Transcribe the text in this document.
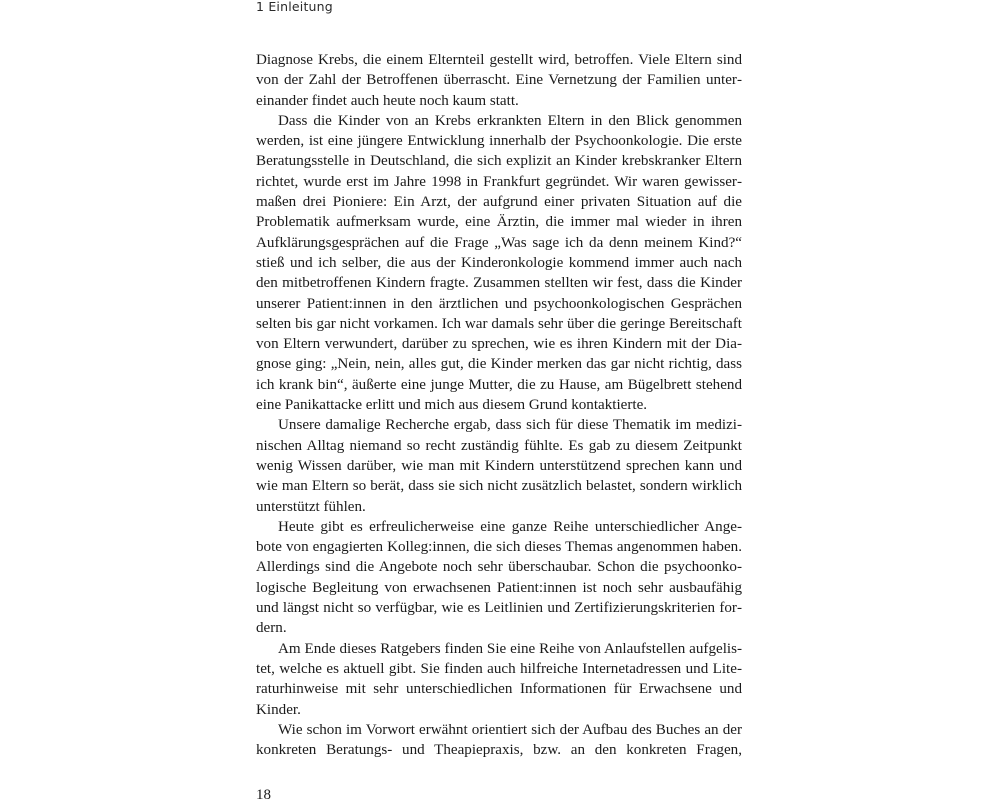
1 Einleitung

Diagnose Krebs, die einem Elternteil gestellt wird, betroffen. Viele Eltern sind von der Zahl der Betroffenen überrascht. Eine Vernetzung der Familien untereinander findet auch heute noch kaum statt.

Dass die Kinder von an Krebs erkrankten Eltern in den Blick genommen werden, ist eine jüngere Entwicklung innerhalb der Psychoonkologie. Die erste Beratungsstelle in Deutschland, die sich explizit an Kinder krebskranker Eltern richtet, wurde erst im Jahre 1998 in Frankfurt gegründet. Wir waren gewissermaßen drei Pioniere: Ein Arzt, der aufgrund einer privaten Situation auf die Problematik aufmerksam wurde, eine Ärztin, die immer mal wieder in ihren Aufklärungsgesprächen auf die Frage „Was sage ich da denn meinem Kind?“ stieß und ich selber, die aus der Kinderonkologie kommend immer auch nach den mitbetroffenen Kindern fragte. Zusammen stellten wir fest, dass die Kinder unserer Patient:innen in den ärztlichen und psychoonkologischen Gesprächen selten bis gar nicht vorkamen. Ich war damals sehr über die geringe Bereitschaft von Eltern verwundert, darüber zu sprechen, wie es ihren Kindern mit der Diagnose ging: „Nein, nein, alles gut, die Kinder merken das gar nicht richtig, dass ich krank bin“, äußerte eine junge Mutter, die zu Hause, am Bügelbrett stehend eine Panikattacke erlitt und mich aus diesem Grund kontaktierte.

Unsere damalige Recherche ergab, dass sich für diese Thematik im medizinischen Alltag niemand so recht zuständig fühlte. Es gab zu diesem Zeitpunkt wenig Wissen darüber, wie man mit Kindern unterstützend sprechen kann und wie man Eltern so berät, dass sie sich nicht zusätzlich belastet, sondern wirklich unterstützt fühlen.

Heute gibt es erfreulicherweise eine ganze Reihe unterschiedlicher Angebote von engagierten Kolleg:innen, die sich dieses Themas angenommen haben. Allerdings sind die Angebote noch sehr überschaubar. Schon die psychoonkologische Begleitung von erwachsenen Patient:innen ist noch sehr ausbaufähig und längst nicht so verfügbar, wie es Leitlinien und Zertifizierungskriterien fordern.

Am Ende dieses Ratgebers finden Sie eine Reihe von Anlaufstellen aufgelistet, welche es aktuell gibt. Sie finden auch hilfreiche Internetadressen und Literaturhinweise mit sehr unterschiedlichen Informationen für Erwachsene und Kinder.

Wie schon im Vorwort erwähnt orientiert sich der Aufbau des Buches an der konkreten Beratungs- und Theapiepraxis, bzw. an den konkreten Fragen,

18
